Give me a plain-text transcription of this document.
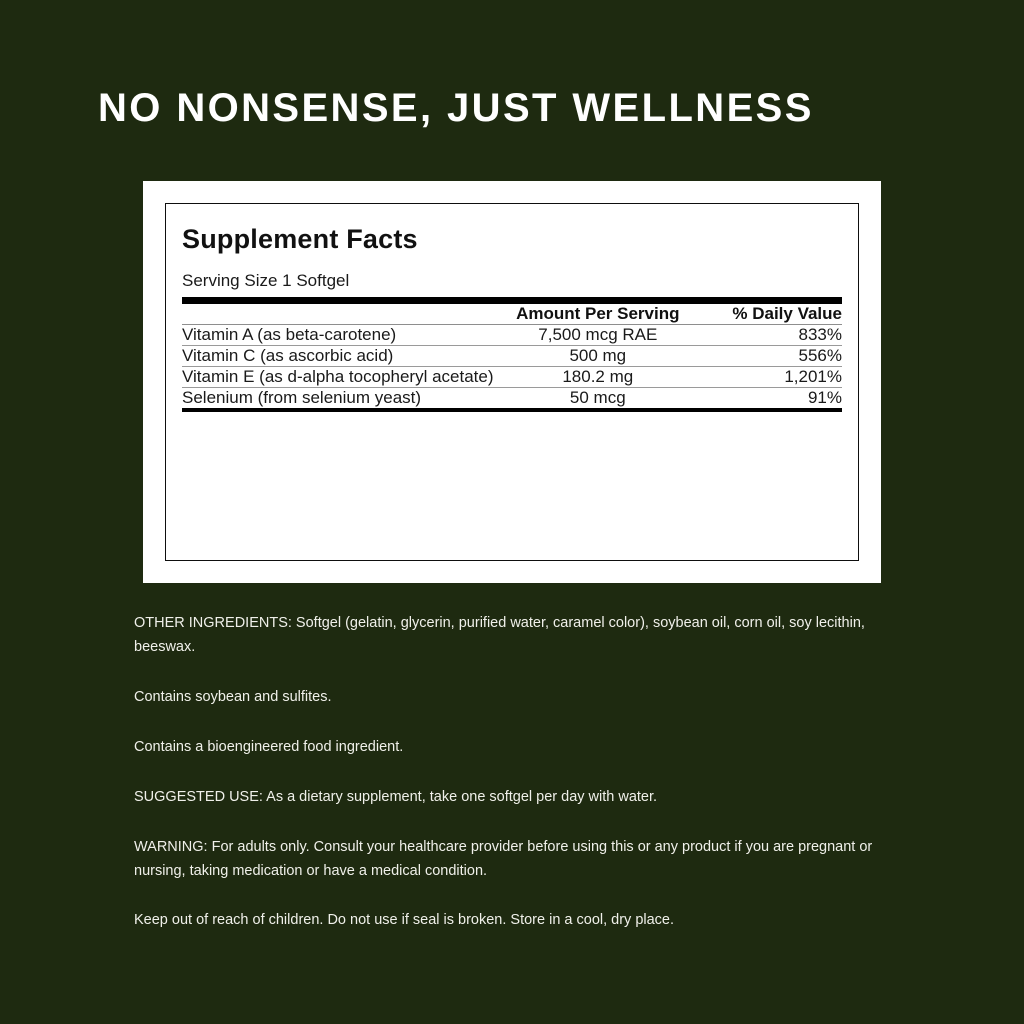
NO NONSENSE, JUST WELLNESS
Supplement Facts
Serving Size 1 Softgel
	Amount Per Serving	% Daily Value
Vitamin A (as beta-carotene)	7,500 mcg RAE	833%

Vitamin C (as ascorbic acid)	500 mg	556%

Vitamin E (as d-alpha tocopheryl acetate)	180.2 mg	1,201%

Selenium (from selenium yeast)	50 mcg	91%

OTHER INGREDIENTS: Softgel (gelatin, glycerin, purified water, caramel color), soybean oil, corn oil, soy lecithin, beeswax.

Contains soybean and sulfites.

Contains a bioengineered food ingredient.

SUGGESTED USE: As a dietary supplement, take one softgel per day with water.

WARNING: For adults only. Consult your healthcare provider before using this or any product if you are pregnant or nursing, taking medication or have a medical condition.

Keep out of reach of children. Do not use if seal is broken. Store in a cool, dry place.
